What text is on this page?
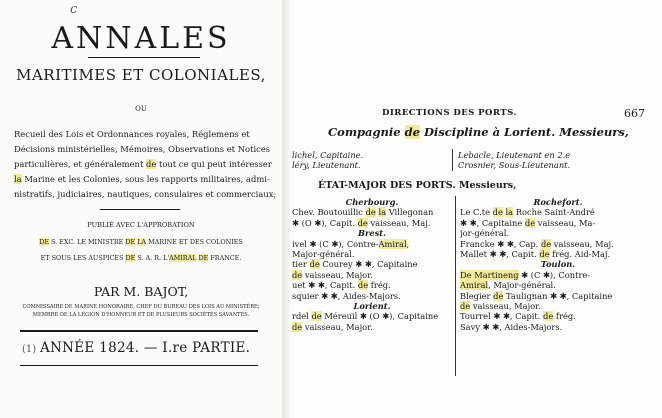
c
ANNALES
MARITIMES ET COLONIALES,
OU
Recueil des Lois et Ordonnances royales, Réglemens et
Décisions ministérielles, Mémoires, Observations et Notices
particulières, et généralement de tout ce qui peut intéresser
la Marine et les Colonies, sous les rapports militaires, admi-
nistratifs, judiciaires, nautiques, consulaires et commerciaux;
PUBLIÉ AVEC L'APPROBATION
DE S. EXC. LE MINISTRE DE LA MARINE ET DES COLONIES
ET SOUS LES AUSPICES DE S. A. R. L'AMIRAL DE FRANCE.
PAR M. BAJOT,
COMMISSAIRE DE MARINE HONORAIRE, CHEF DU BUREAU DES LOIS AU MINISTÈRE;
MEMBRE DE LA LÉGION D'HONNEUR ET DE PLUSIEURS SOCIÉTÉS SAVANTES.
(1) ANNÉE 1824. — I.re PARTIE.
DIRECTIONS DES PORTS.	667
Compagnie de Discipline à Lorient. Messieurs,
lichel, Capitaine.
léry, Lieutenant.
Lebacle, Lieutenant en 2.e
Crosnier, Sous-Lieutenant.
ÉTAT-MAJOR DES PORTS. Messieurs,
Cherbourg.
Chev. Boutouillic de la Villegonan
✱ (O ✱), Capit. de vaisseau, Maj.
Brest.
ivel ✱ (C ✱), Contre-Amiral,
Major-général.
tier de Courey ✱ ✱, Capitaine
de vaisseau, Major.
uet ✱ ✱, Capit. de frég.
squier ✱ ✱, Aides-Majors.
Lorient.
rdel de Méreuil ✱ (O ✱), Capitaine
de vaisseau, Major.
Rochefort.
Le C.te de la Roche Saint-André
✱ ✱, Capitaine de vaisseau, Ma-
jor-général.
Francke ✱ ✱, Cap. de vaisseau, Maj.
Mallet ✱ ✱, Capit. de frég. Aid-Maj.
Toulon.
De Martineng ✱ (C ✱), Contre-
Amiral, Major-général.
Blegier de Taulignan ✱ ✱, Capitaine
de vaisseau, Major.
Tourrel ✱ ✱, Capit. de frég.
Savy ✱ ✱, Aides-Majors.
